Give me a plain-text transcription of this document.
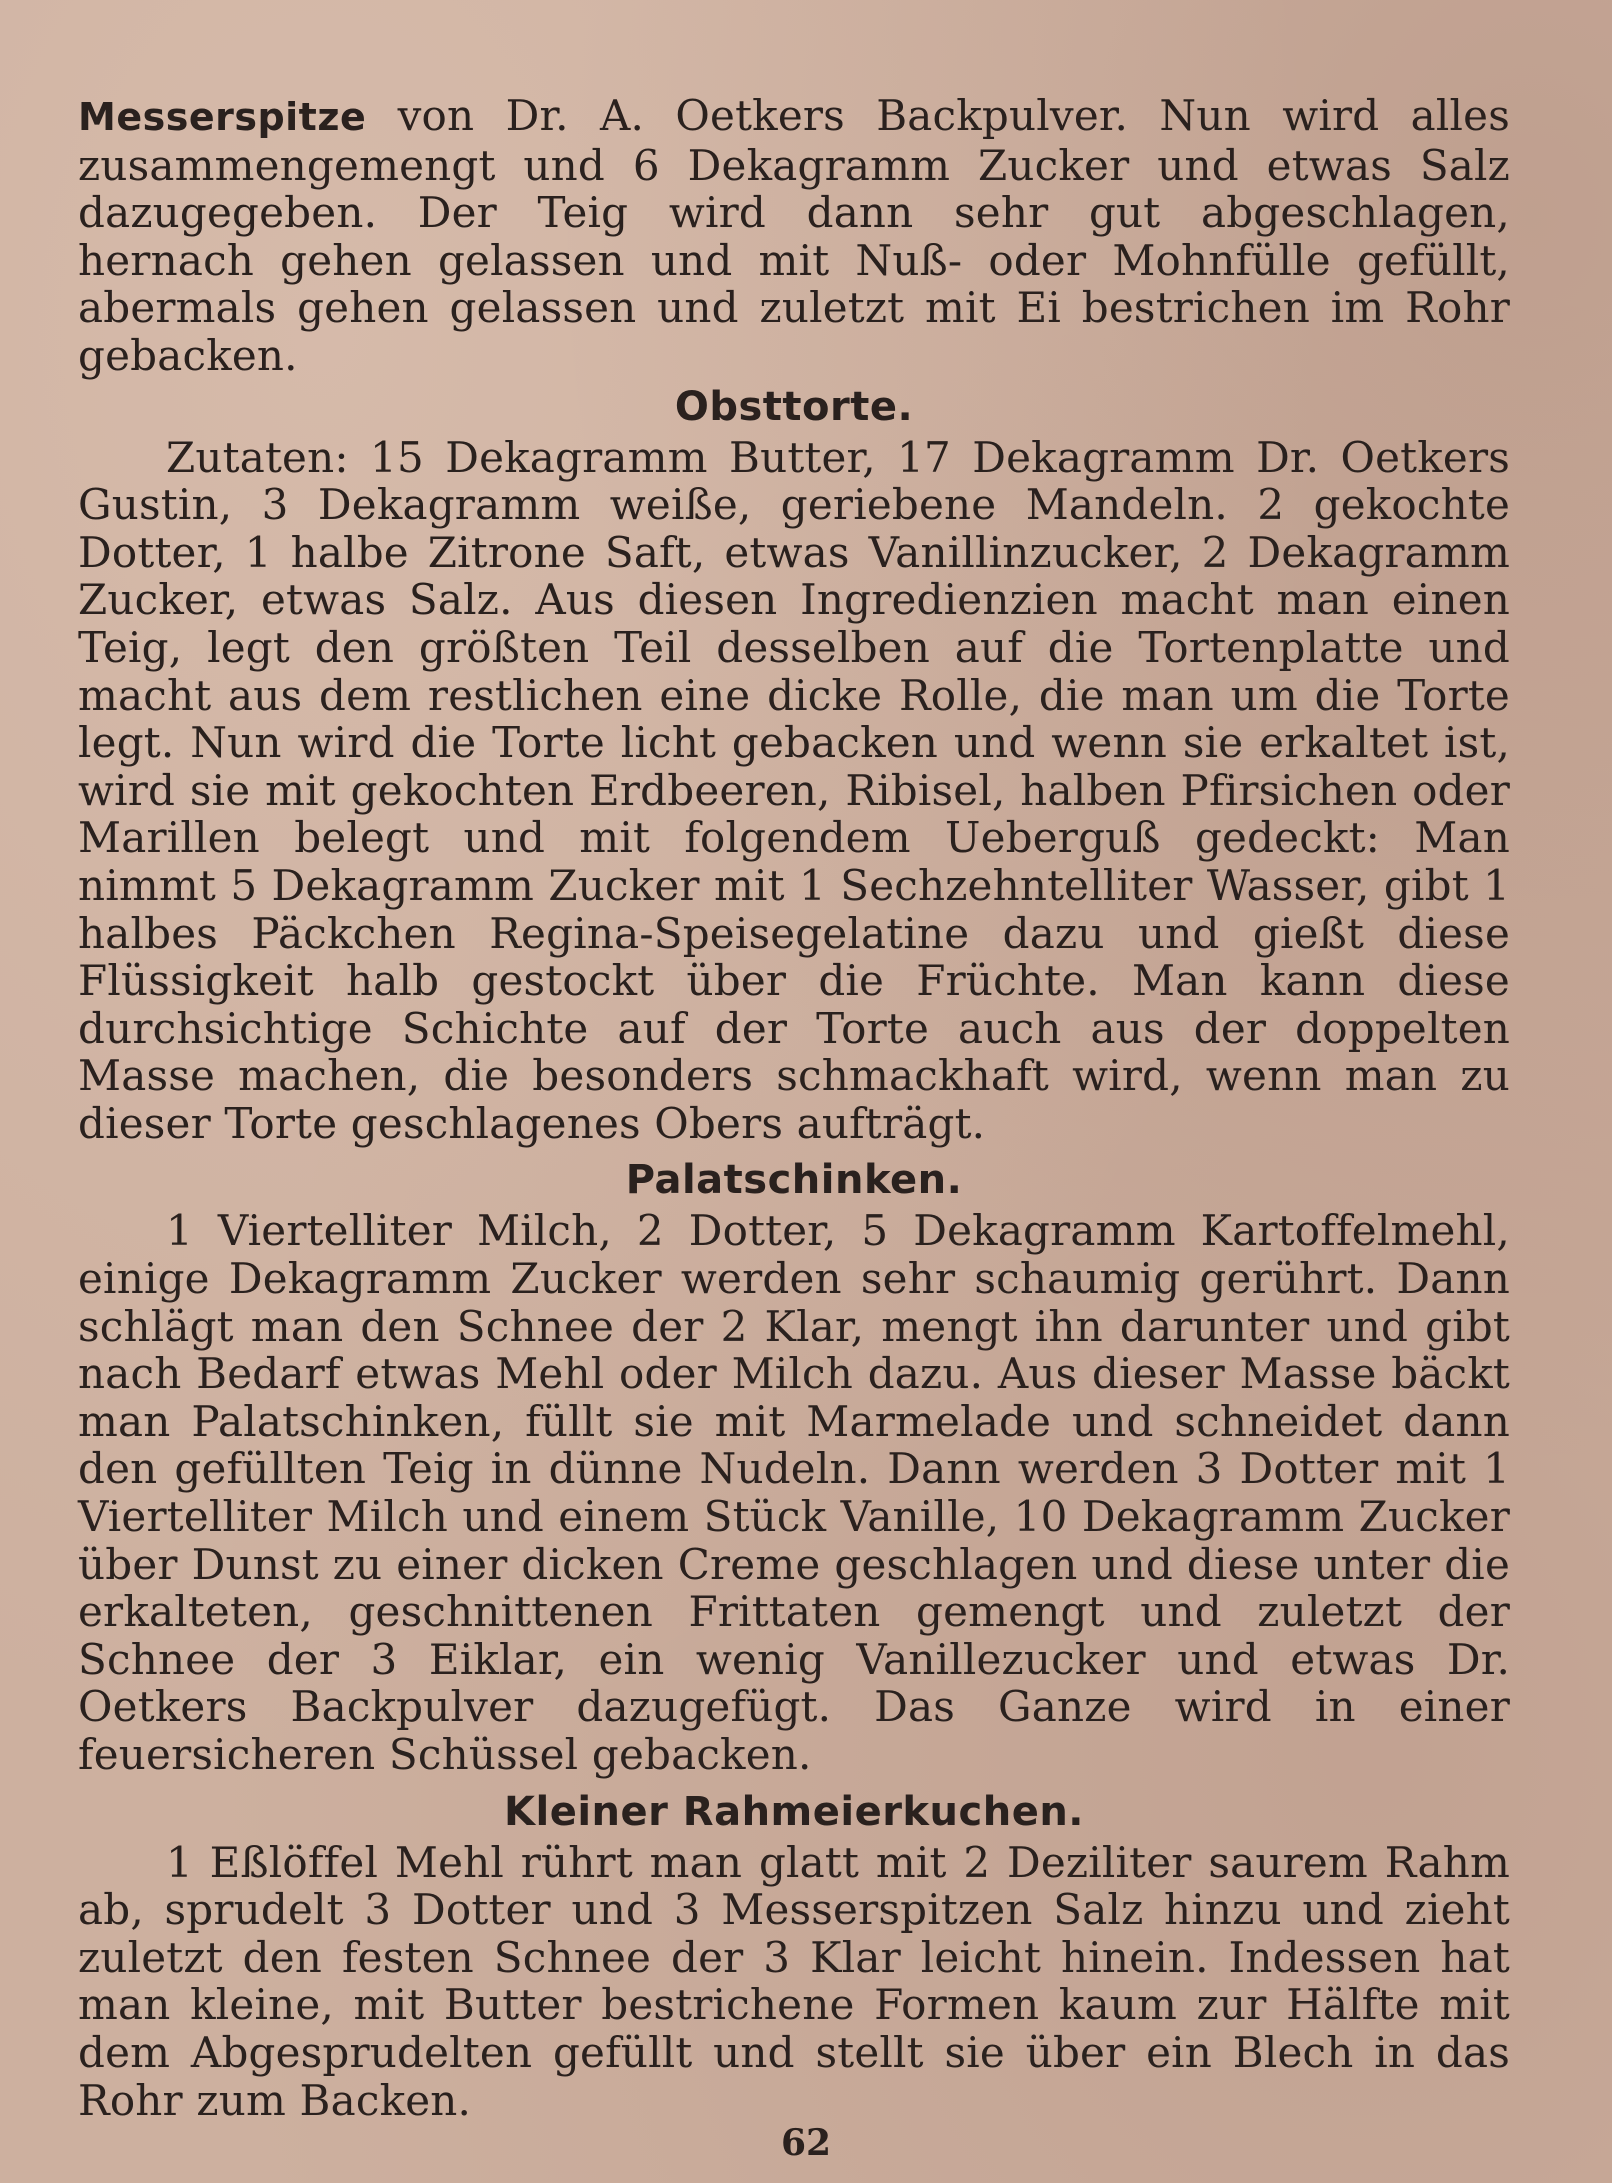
Messerspitze von Dr. A. Oetkers Backpulver. Nun wird alles zusammengemengt und 6 Dekagramm Zucker und etwas Salz dazugegeben. Der Teig wird dann sehr gut abgeschlagen, hernach gehen gelassen und mit Nuß- oder Mohnfülle gefüllt, abermals gehen gelassen und zuletzt mit Ei bestrichen im Rohr gebacken.

Obsttorte.

Zutaten: 15 Dekagramm Butter, 17 Dekagramm Dr. Oetkers Gustin, 3 Dekagramm weiße, geriebene Mandeln. 2 gekochte Dotter, 1 halbe Zitrone Saft, etwas Vanillinzucker, 2 Dekagramm Zucker, etwas Salz. Aus diesen Ingredienzien macht man einen Teig, legt den größten Teil desselben auf die Tortenplatte und macht aus dem restlichen eine dicke Rolle, die man um die Torte legt. Nun wird die Torte licht gebacken und wenn sie erkaltet ist, wird sie mit gekochten Erdbeeren, Ribisel, halben Pfirsichen oder Marillen belegt und mit folgendem Ueberguß gedeckt: Man nimmt 5 Dekagramm Zucker mit 1 Sechzehntelliter Wasser, gibt 1 halbes Päckchen Regina-Speisegelatine dazu und gießt diese Flüssigkeit halb gestockt über die Früchte. Man kann diese durchsichtige Schichte auf der Torte auch aus der doppelten Masse machen, die besonders schmackhaft wird, wenn man zu dieser Torte geschlagenes Obers aufträgt.

Palatschinken.

1 Viertelliter Milch, 2 Dotter, 5 Dekagramm Kartoffelmehl, einige Dekagramm Zucker werden sehr schaumig gerührt. Dann schlägt man den Schnee der 2 Klar, mengt ihn darunter und gibt nach Bedarf etwas Mehl oder Milch dazu. Aus dieser Masse bäckt man Palatschinken, füllt sie mit Marmelade und schneidet dann den gefüllten Teig in dünne Nudeln. Dann werden 3 Dotter mit 1 Viertelliter Milch und einem Stück Vanille, 10 Dekagramm Zucker über Dunst zu einer dicken Creme geschlagen und diese unter die erkalteten, geschnittenen Frittaten gemengt und zuletzt der Schnee der 3 Eiklar, ein wenig Vanillezucker und etwas Dr. Oetkers Backpulver dazugefügt. Das Ganze wird in einer feuersicheren Schüssel gebacken.

Kleiner Rahmeierkuchen.

1 Eßlöffel Mehl rührt man glatt mit 2 Deziliter saurem Rahm ab, sprudelt 3 Dotter und 3 Messerspitzen Salz hinzu und zieht zuletzt den festen Schnee der 3 Klar leicht hinein. Indessen hat man kleine, mit Butter bestrichene Formen kaum zur Hälfte mit dem Abgesprudelten gefüllt und stellt sie über ein Blech in das Rohr zum Backen.

62
